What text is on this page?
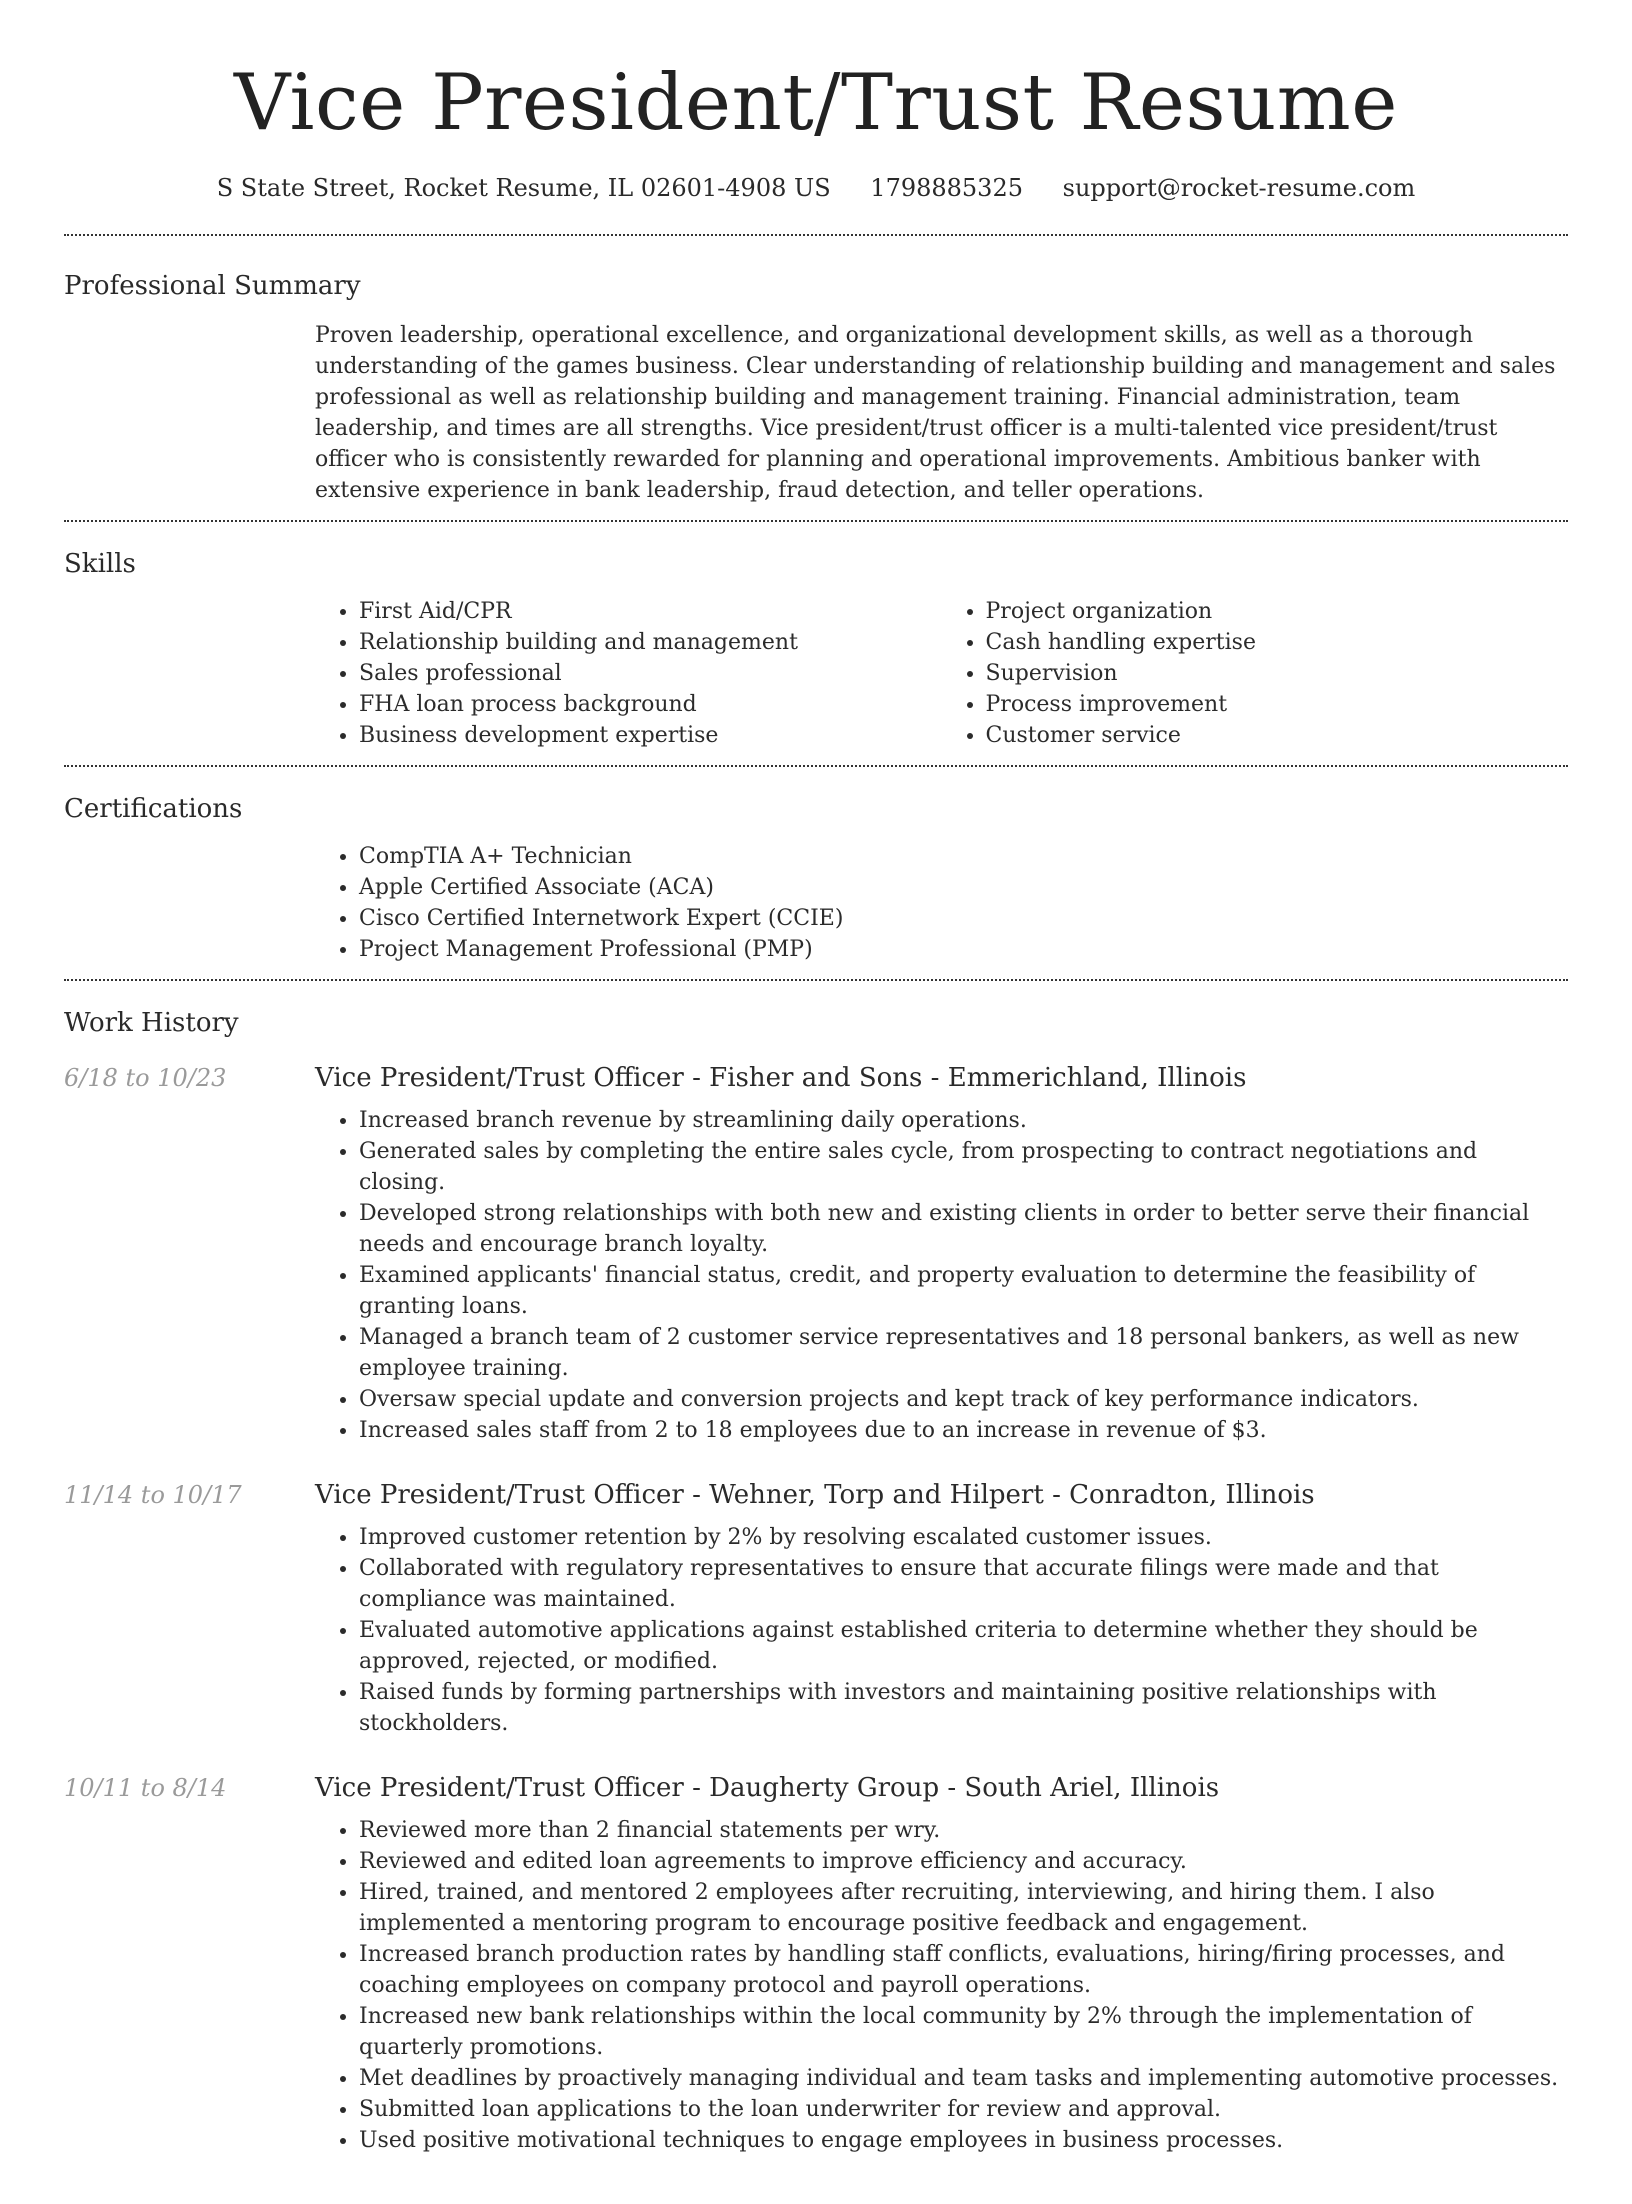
Vice President/Trust Resume
S State Street, Rocket Resume, IL 02601-4908 US 1798885325 support@rocket-resume.com
Professional Summary

Proven leadership, operational excellence, and organizational development skills, as well as a thorough understanding of the games business. Clear understanding of relationship building and management and sales professional as well as relationship building and management training. Financial administration, team leadership, and times are all strengths. Vice president/trust officer is a multi-talented vice president/trust officer who is consistently rewarded for planning and operational improvements. Ambitious banker with extensive experience in bank leadership, fraud detection, and teller operations.

Skills
• First Aid/CPR
• Relationship building and management
• Sales professional
• FHA loan process background
• Business development expertise
• Project organization
• Cash handling expertise
• Supervision
• Process improvement
• Customer service
Certifications
• CompTIA A+ Technician
• Apple Certified Associate (ACA)
• Cisco Certified Internetwork Expert (CCIE)
• Project Management Professional (PMP)
Work History
6/18 to 10/23	Vice President/Trust Officer - Fisher and Sons - Emmerichland, Illinois
• Increased branch revenue by streamlining daily operations.
• Generated sales by completing the entire sales cycle, from prospecting to contract negotiations and closing.
• Developed strong relationships with both new and existing clients in order to better serve their financial needs and encourage branch loyalty.
• Examined applicants' financial status, credit, and property evaluation to determine the feasibility of granting loans.
• Managed a branch team of 2 customer service representatives and 18 personal bankers, as well as new employee training.
• Oversaw special update and conversion projects and kept track of key performance indicators.
• Increased sales staff from 2 to 18 employees due to an increase in revenue of $3.
11/14 to 10/17	Vice President/Trust Officer - Wehner, Torp and Hilpert - Conradton, Illinois
• Improved customer retention by 2% by resolving escalated customer issues.
• Collaborated with regulatory representatives to ensure that accurate filings were made and that compliance was maintained.
• Evaluated automotive applications against established criteria to determine whether they should be approved, rejected, or modified.
• Raised funds by forming partnerships with investors and maintaining positive relationships with stockholders.
10/11 to 8/14	Vice President/Trust Officer - Daugherty Group - South Ariel, Illinois
• Reviewed more than 2 financial statements per wry.
• Reviewed and edited loan agreements to improve efficiency and accuracy.
• Hired, trained, and mentored 2 employees after recruiting, interviewing, and hiring them. I also implemented a mentoring program to encourage positive feedback and engagement.
• Increased branch production rates by handling staff conflicts, evaluations, hiring/firing processes, and coaching employees on company protocol and payroll operations.
• Increased new bank relationships within the local community by 2% through the implementation of quarterly promotions.
• Met deadlines by proactively managing individual and team tasks and implementing automotive processes.
• Submitted loan applications to the loan underwriter for review and approval.
• Used positive motivational techniques to engage employees in business processes.
